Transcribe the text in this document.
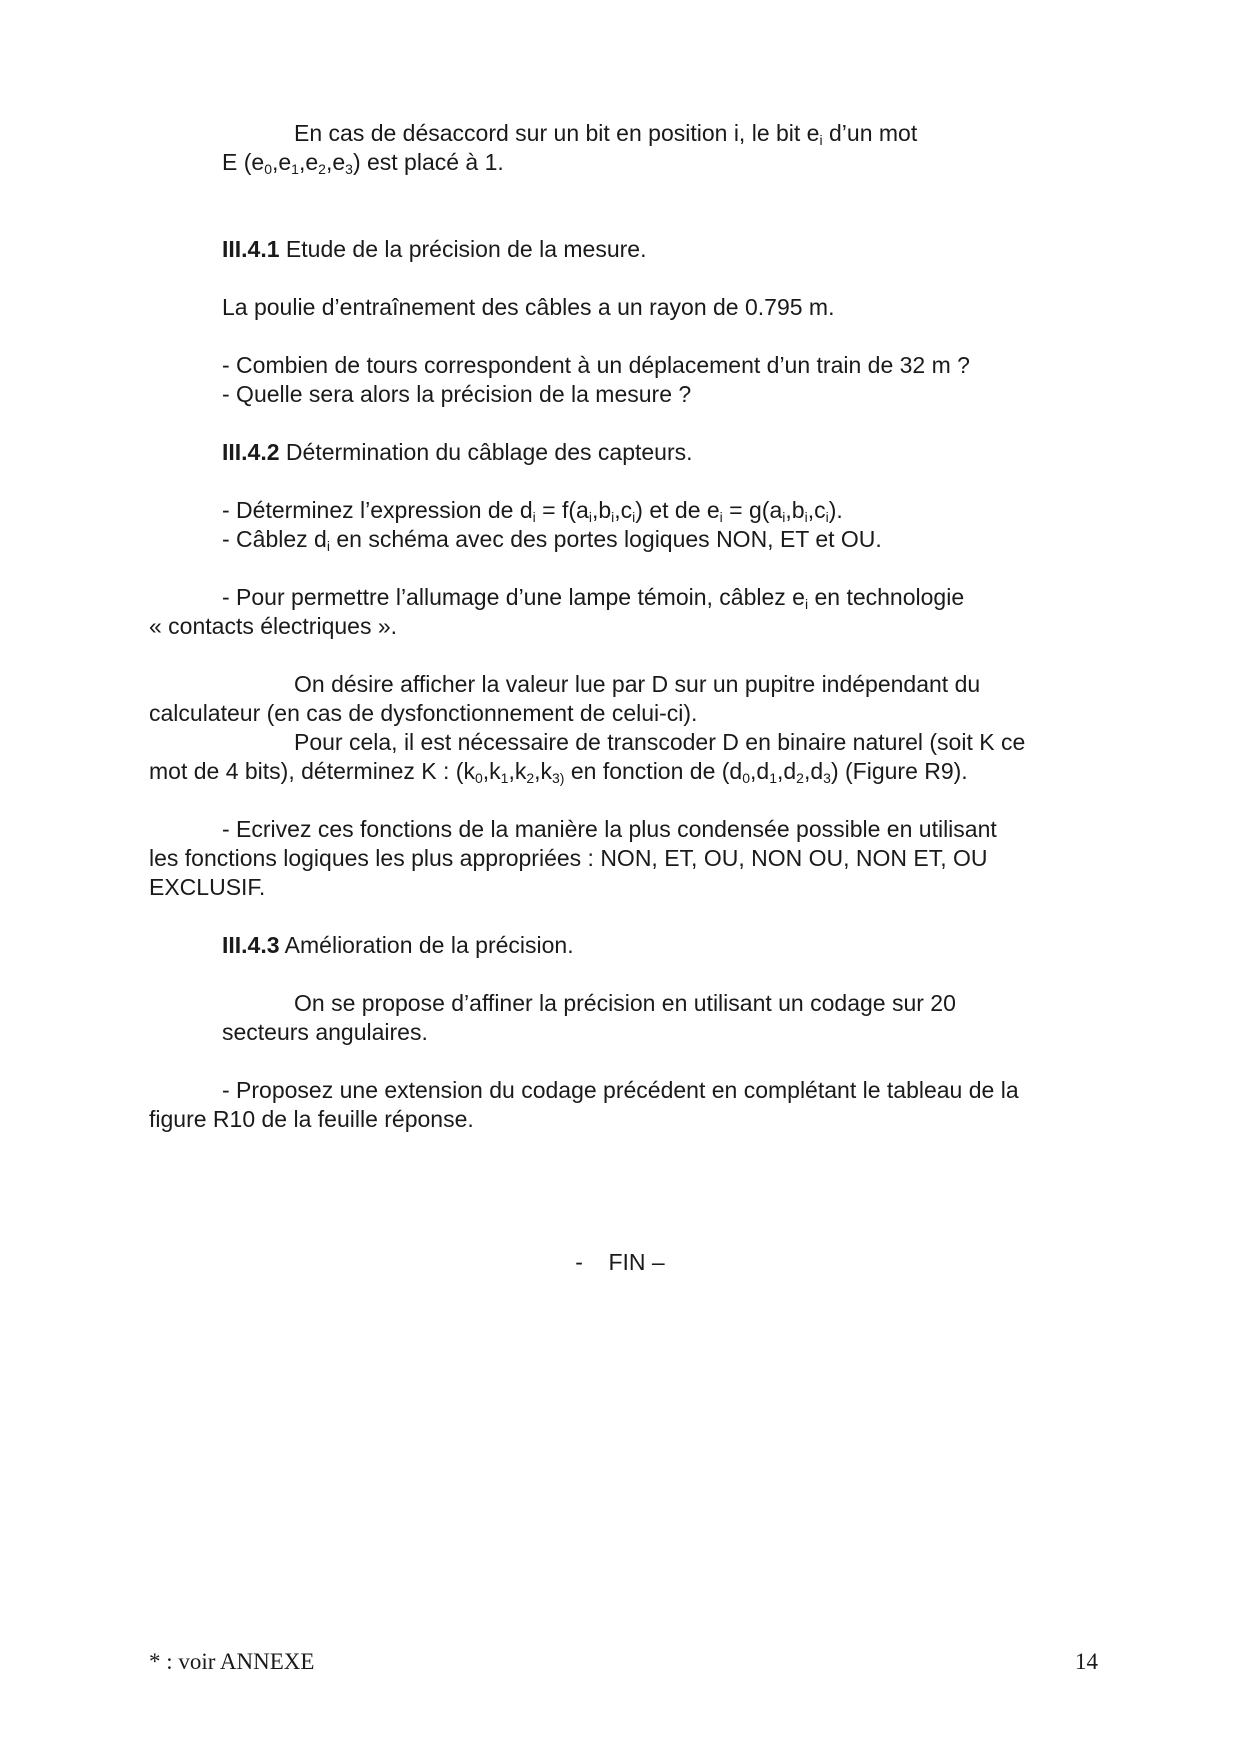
En cas de désaccord sur un bit en position i, le bit $e_i$ d’un mot
E $(e_0,e_1,e_2,e_3)$ est placé à 1.
III.4.1 Etude de la précision de la mesure.
La poulie d’entraînement des câbles a un rayon de 0.795 m.
- Combien de tours correspondent à un déplacement d’un train de 32 m ?
- Quelle sera alors la précision de la mesure ?
III.4.2 Détermination du câblage des capteurs.
- Déterminez l’expression de $d_i = f(a_i,b_i,c_i)$ et de $e_i = g(a_i,b_i,c_i)$.
- Câblez $d_i$ en schéma avec des portes logiques NON, ET et OU.
- Pour permettre l’allumage d’une lampe témoin, câblez $e_i$ en technologie
« contacts électriques ».
On désire afficher la valeur lue par D sur un pupitre indépendant du
calculateur (en cas de dysfonctionnement de celui-ci).
Pour cela, il est nécessaire de transcoder D en binaire naturel (soit K ce
mot de 4 bits), déterminez K : ($k_0,k_1,k_2,k_{3)}$ en fonction de $(d_0,d_1,d_2,d_3)$ (Figure R9).
- Ecrivez ces fonctions de la manière la plus condensée possible en utilisant
les fonctions logiques les plus appropriées : NON, ET, OU, NON OU, NON ET, OU
EXCLUSIF.
III.4.3 Amélioration de la précision.
On se propose d’affiner la précision en utilisant un codage sur 20
secteurs angulaires.
- Proposez une extension du codage précédent en complétant le tableau de la
figure R10 de la feuille réponse.
-    FIN –
* : voir ANNEXE	14
